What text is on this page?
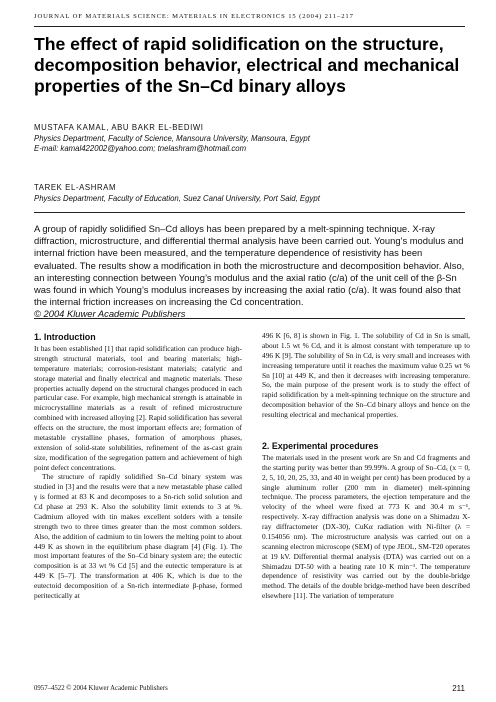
JOURNAL OF MATERIALS SCIENCE: MATERIALS IN ELECTRONICS 15 (2004) 211–217
The effect of rapid solidification on the structure, decomposition behavior, electrical and mechanical properties of the Sn–Cd binary alloys
MUSTAFA KAMAL, ABU BAKR EL-BEDIWI
Physics Department, Faculty of Science, Mansoura University, Mansoura, Egypt
E-mail: kamal422002@yahoo.com; tnelashram@hotmail.com
TAREK EL-ASHRAM
Physics Department, Faculty of Education, Suez Canal University, Port Said, Egypt
A group of rapidly solidified Sn–Cd alloys has been prepared by a melt-spinning technique. X-ray diffraction, microstructure, and differential thermal analysis have been carried out. Young’s modulus and internal friction have been measured, and the temperature dependence of resistivity has been evaluated. The results show a modification in both the microstructure and decomposition behavior. Also, an interesting connection between Young’s modulus and the axial ratio (c/a) of the unit cell of the β-Sn was found in which Young’s modulus increases by increasing the axial ratio (c/a). It was found also that the internal friction increases on increasing the Cd concentration.
© 2004 Kluwer Academic Publishers
1. Introduction

It has been established [1] that rapid solidification can produce high-strength structural materials, tool and bearing materials; high-temperature materials; corrosion-resistant materials; catalytic and storage material and finally electrical and magnetic materials. These properties actually depend on the structural changes produced in each particular case. For example, high mechanical strength is attainable in microcrystalline materials as a result of refined microstructure combined with increased alloying [2]. Rapid solidification has several effects on the structure, the most important effects are; formation of metastable crystalline phases, formation of amorphous phases, extension of solid-state solubilities, refinement of the as-cast grain size, modification of the segregation pattern and achievement of high point defect concentrations.

The structure of rapidly solidified Sn–Cd binary system was studied in [3] and the results were that a new metastable phase called γ is formed at 83 K and decomposes to a Sn-rich solid solution and Cd phase at 293 K. Also the solubility limit extends to 3 at %. Cadmium alloyed with tin makes excellent solders with a tensile strength two to three times greater than the most common solders. Also, the addition of cadmium to tin lowers the melting point to about 449 K as shown in the equilibrium phase diagram [4] (Fig. 1). The most important features of the Sn–Cd binary system are; the eutectic composition is at 33 wt % Cd [5] and the eutectic temperature is at 449 K [5–7]. The transformation at 406 K, which is due to the eutectoid decomposition of a Sn-rich intermediate β-phase, formed peritectically at

496 K [6, 8] is shown in Fig. 1. The solubility of Cd in Sn is small, about 1.5 wt % Cd, and it is almost constant with temperature up to 496 K [9]. The solubility of Sn in Cd, is very small and increases with increasing temperature until it reaches the maximum value 0.25 wt % Sn [10] at 449 K, and then it decreases with increasing temperature. So, the main purpose of the present work is to study the effect of rapid solidification by a melt-spinning technique on the structure and decomposition behavior of the Sn–Cd binary alloys and hence on the resulting electrical and mechanical properties.

2. Experimental procedures

The materials used in the present work are Sn and Cd fragments and the starting purity was better than 99.99%. A group of Sn–Cdₓ (x = 0, 2, 5, 10, 20, 25, 33, and 40 in weight per cent) has been produced by a single aluminum roller (200 mm in diameter) melt-spinning technique. The process parameters, the ejection temperature and the velocity of the wheel were fixed at 773 K and 30.4 m s⁻¹, respectively. X-ray diffraction analysis was done on a Shimadzu X-ray diffractometer (DX-30), CuKα radiation with Ni-filter (λ = 0.154056 nm). The microstructure analysis was carried out on a scanning electron microscope (SEM) of type JEOL, SM-T20 operates at 19 kV. Differential thermal analysis (DTA) was carried out on a Shimadzu DT-50 with a heating rate 10 K min⁻¹. The temperature dependence of resistivity was carried out by the double-bridge method. The details of the double bridge-method have been described elsewhere [11]. The variation of temperature

0957–4522 © 2004 Kluwer Academic Publishers	211
